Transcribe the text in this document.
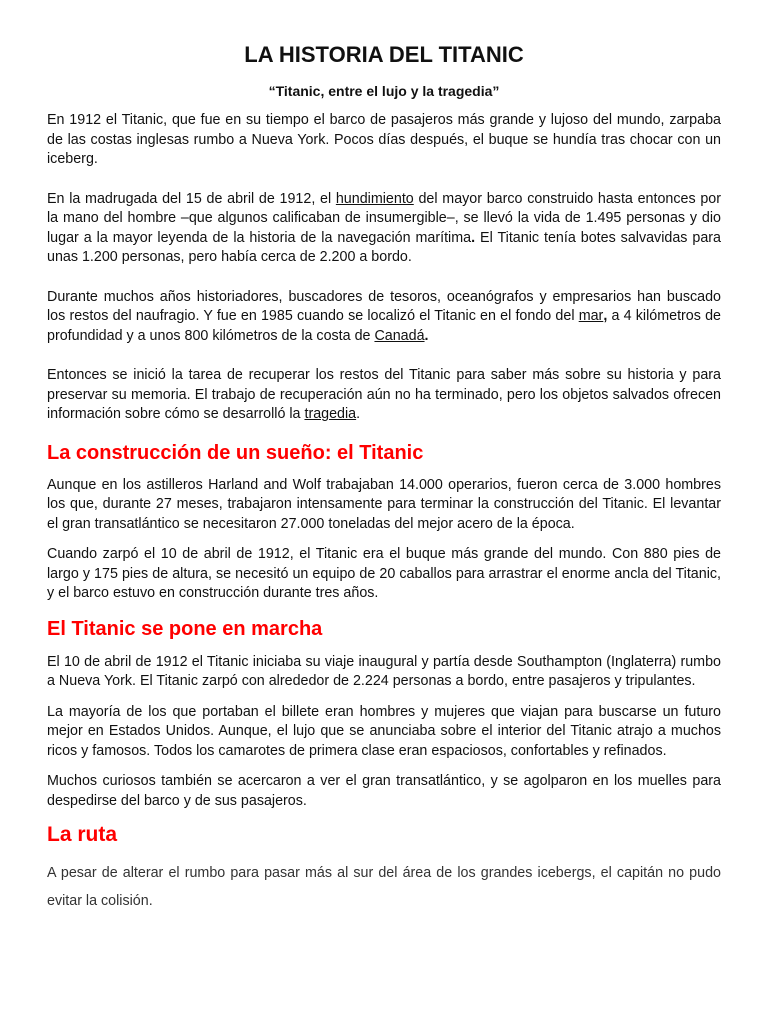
LA HISTORIA DEL TITANIC
“Titanic, entre el lujo y la tragedia”

En 1912 el Titanic, que fue en su tiempo el barco de pasajeros más grande y lujoso del mundo, zarpaba de las costas inglesas rumbo a Nueva York. Pocos días después, el buque se hundía tras chocar con un iceberg.

En la madrugada del 15 de abril de 1912, el hundimiento del mayor barco construido hasta entonces por la mano del hombre –que algunos calificaban de insumergible–, se llevó la vida de 1.495 personas y dio lugar a la mayor leyenda de la historia de la navegación marítima. El Titanic tenía botes salvavidas para unas 1.200 personas, pero había cerca de 2.200 a bordo.

Durante muchos años historiadores, buscadores de tesoros, oceanógrafos y empresarios han buscado los restos del naufragio. Y fue en 1985 cuando se localizó el Titanic en el fondo del mar, a 4 kilómetros de profundidad y a unos 800 kilómetros de la costa de Canadá.

Entonces se inició la tarea de recuperar los restos del Titanic para saber más sobre su historia y para preservar su memoria. El trabajo de recuperación aún no ha terminado, pero los objetos salvados ofrecen información sobre cómo se desarrolló la tragedia.

La construcción de un sueño: el Titanic

Aunque en los astilleros Harland and Wolf trabajaban 14.000 operarios, fueron cerca de 3.000 hombres los que, durante 27 meses, trabajaron intensamente para terminar la construcción del Titanic. El levantar el gran transatlántico se necesitaron 27.000 toneladas del mejor acero de la época.

Cuando zarpó el 10 de abril de 1912, el Titanic era el buque más grande del mundo. Con 880 pies de largo y 175 pies de altura, se necesitó un equipo de 20 caballos para arrastrar el enorme ancla del Titanic, y el barco estuvo en construcción durante tres años.

El Titanic se pone en marcha

El 10 de abril de 1912 el Titanic iniciaba su viaje inaugural y partía desde Southampton (Inglaterra) rumbo a Nueva York. El Titanic zarpó con alrededor de 2.224 personas a bordo, entre pasajeros y tripulantes.

La mayoría de los que portaban el billete eran hombres y mujeres que viajan para buscarse un futuro mejor en Estados Unidos. Aunque, el lujo que se anunciaba sobre el interior del Titanic atrajo a muchos ricos y famosos. Todos los camarotes de primera clase eran espaciosos, confortables y refinados.

Muchos curiosos también se acercaron a ver el gran transatlántico, y se agolparon en los muelles para despedirse del barco y de sus pasajeros.

La ruta

A pesar de alterar el rumbo para pasar más al sur del área de los grandes icebergs, el capitán no pudo evitar la colisión.
